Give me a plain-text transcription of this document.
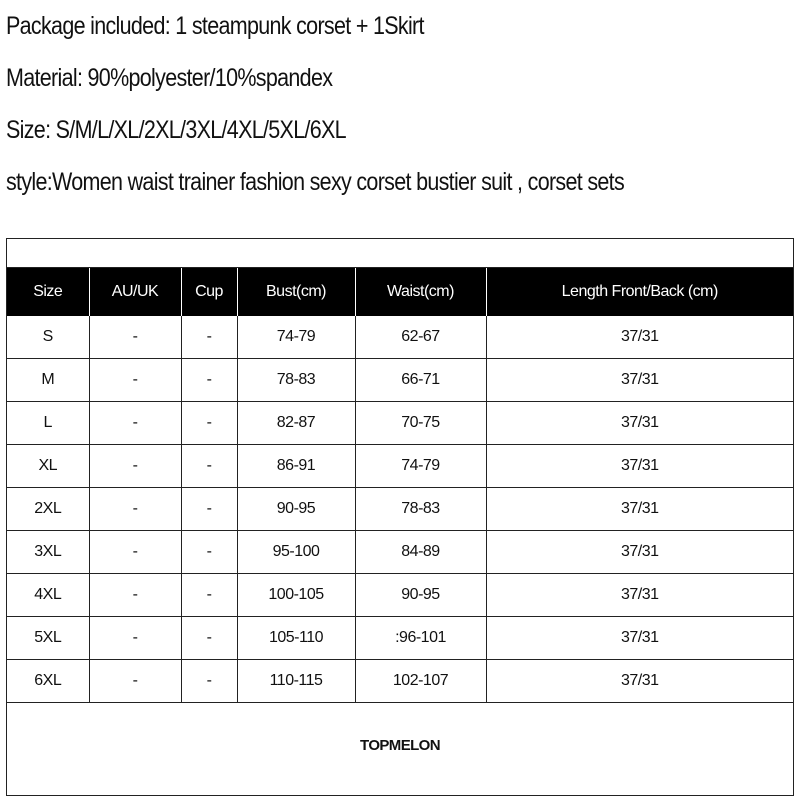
Package included: 1 steampunk corset + 1Skirt
Material: 90%polyester/10%spandex
Size: S/M/L/XL/2XL/3XL/4XL/5XL/6XL
style:Women waist trainer fashion sexy corset bustier suit , corset sets
Size	AU/UK	Cup	Bust(cm)	Waist(cm)	Length Front/Back (cm)
S	-	-	74-79	62-67	37/31
M	-	-	78-83	66-71	37/31
L	-	-	82-87	70-75	37/31
XL	-	-	86-91	74-79	37/31
2XL	-	-	90-95	78-83	37/31
3XL	-	-	95-100	84-89	37/31
4XL	-	-	100-105	90-95	37/31
5XL	-	-	105-110	:96-101	37/31
6XL	-	-	110-115	102-107	37/31
TOPMELON
